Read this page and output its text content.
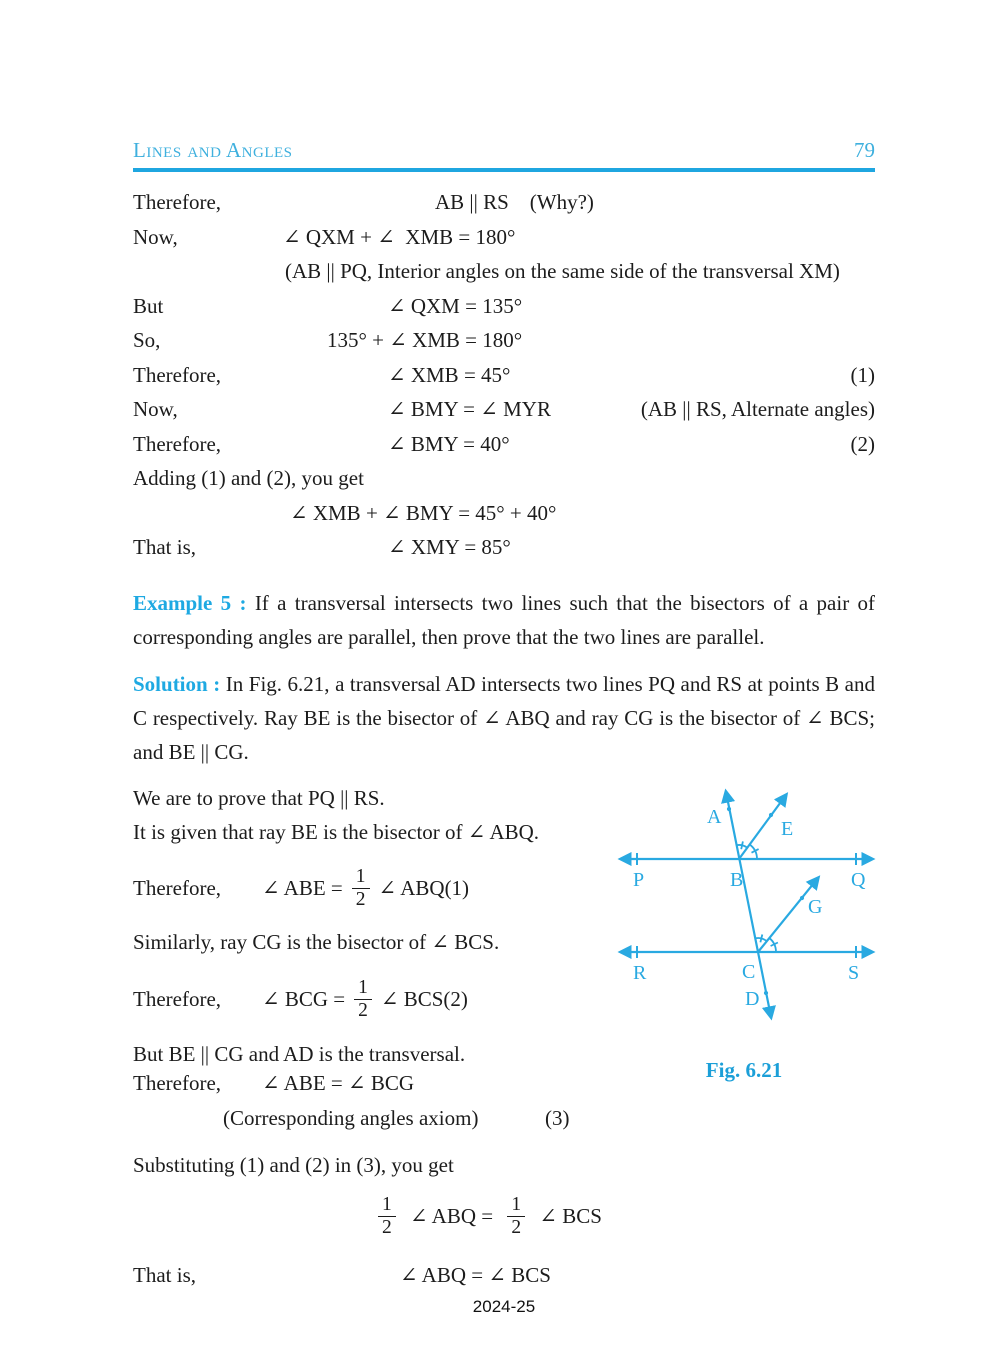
Lines and Angles	79
Therefore,	AB || RS    (Why?)
Now,	∠ QXM + ∠  XMB = 180°
(AB || PQ, Interior angles on the same side of the transversal XM)
But	∠ QXM = 135°
So,	135° + ∠ XMB = 180°
Therefore,	∠ XMB = 45°	(1)
Now,	∠ BMY = ∠ MYR	(AB || RS, Alternate angles)
Therefore,	∠ BMY = 40°	(2)
Adding (1) and (2), you get
∠ XMB + ∠ BMY = 45° + 40°
That is,	∠ XMY = 85°

Example 5 : If a transversal intersects two lines such that the bisectors of a pair of corresponding angles are parallel, then prove that the two lines are parallel.

Solution : In Fig. 6.21, a transversal AD intersects two lines PQ and RS at points B and C respectively. Ray BE is the bisector of ∠ ABQ and ray CG is the bisector of ∠ BCS; and BE || CG.

We are to prove that PQ || RS.
It is given that ray BE is the bisector of ∠ ABQ.
Therefore,	∠ ABE = $\frac{1}{2}$ ∠ ABQ (1)
Similarly, ray CG is the bisector of ∠ BCS.
Therefore,	∠ BCG = $\frac{1}{2}$ ∠ BCS (2)
But BE || CG and AD is the transversal.
Therefore, ∠ ABE = ∠ BCG
(Corresponding angles axiom)	(3)
A
E
P	B	Q
G
R	C	S
D
Fig. 6.21
Substituting (1) and (2) in (3), you get
$\frac{1}{2}$ ∠ ABQ = $\frac{1}{2}$ ∠ BCS
That is,	∠ ABQ = ∠ BCS
2024-25
